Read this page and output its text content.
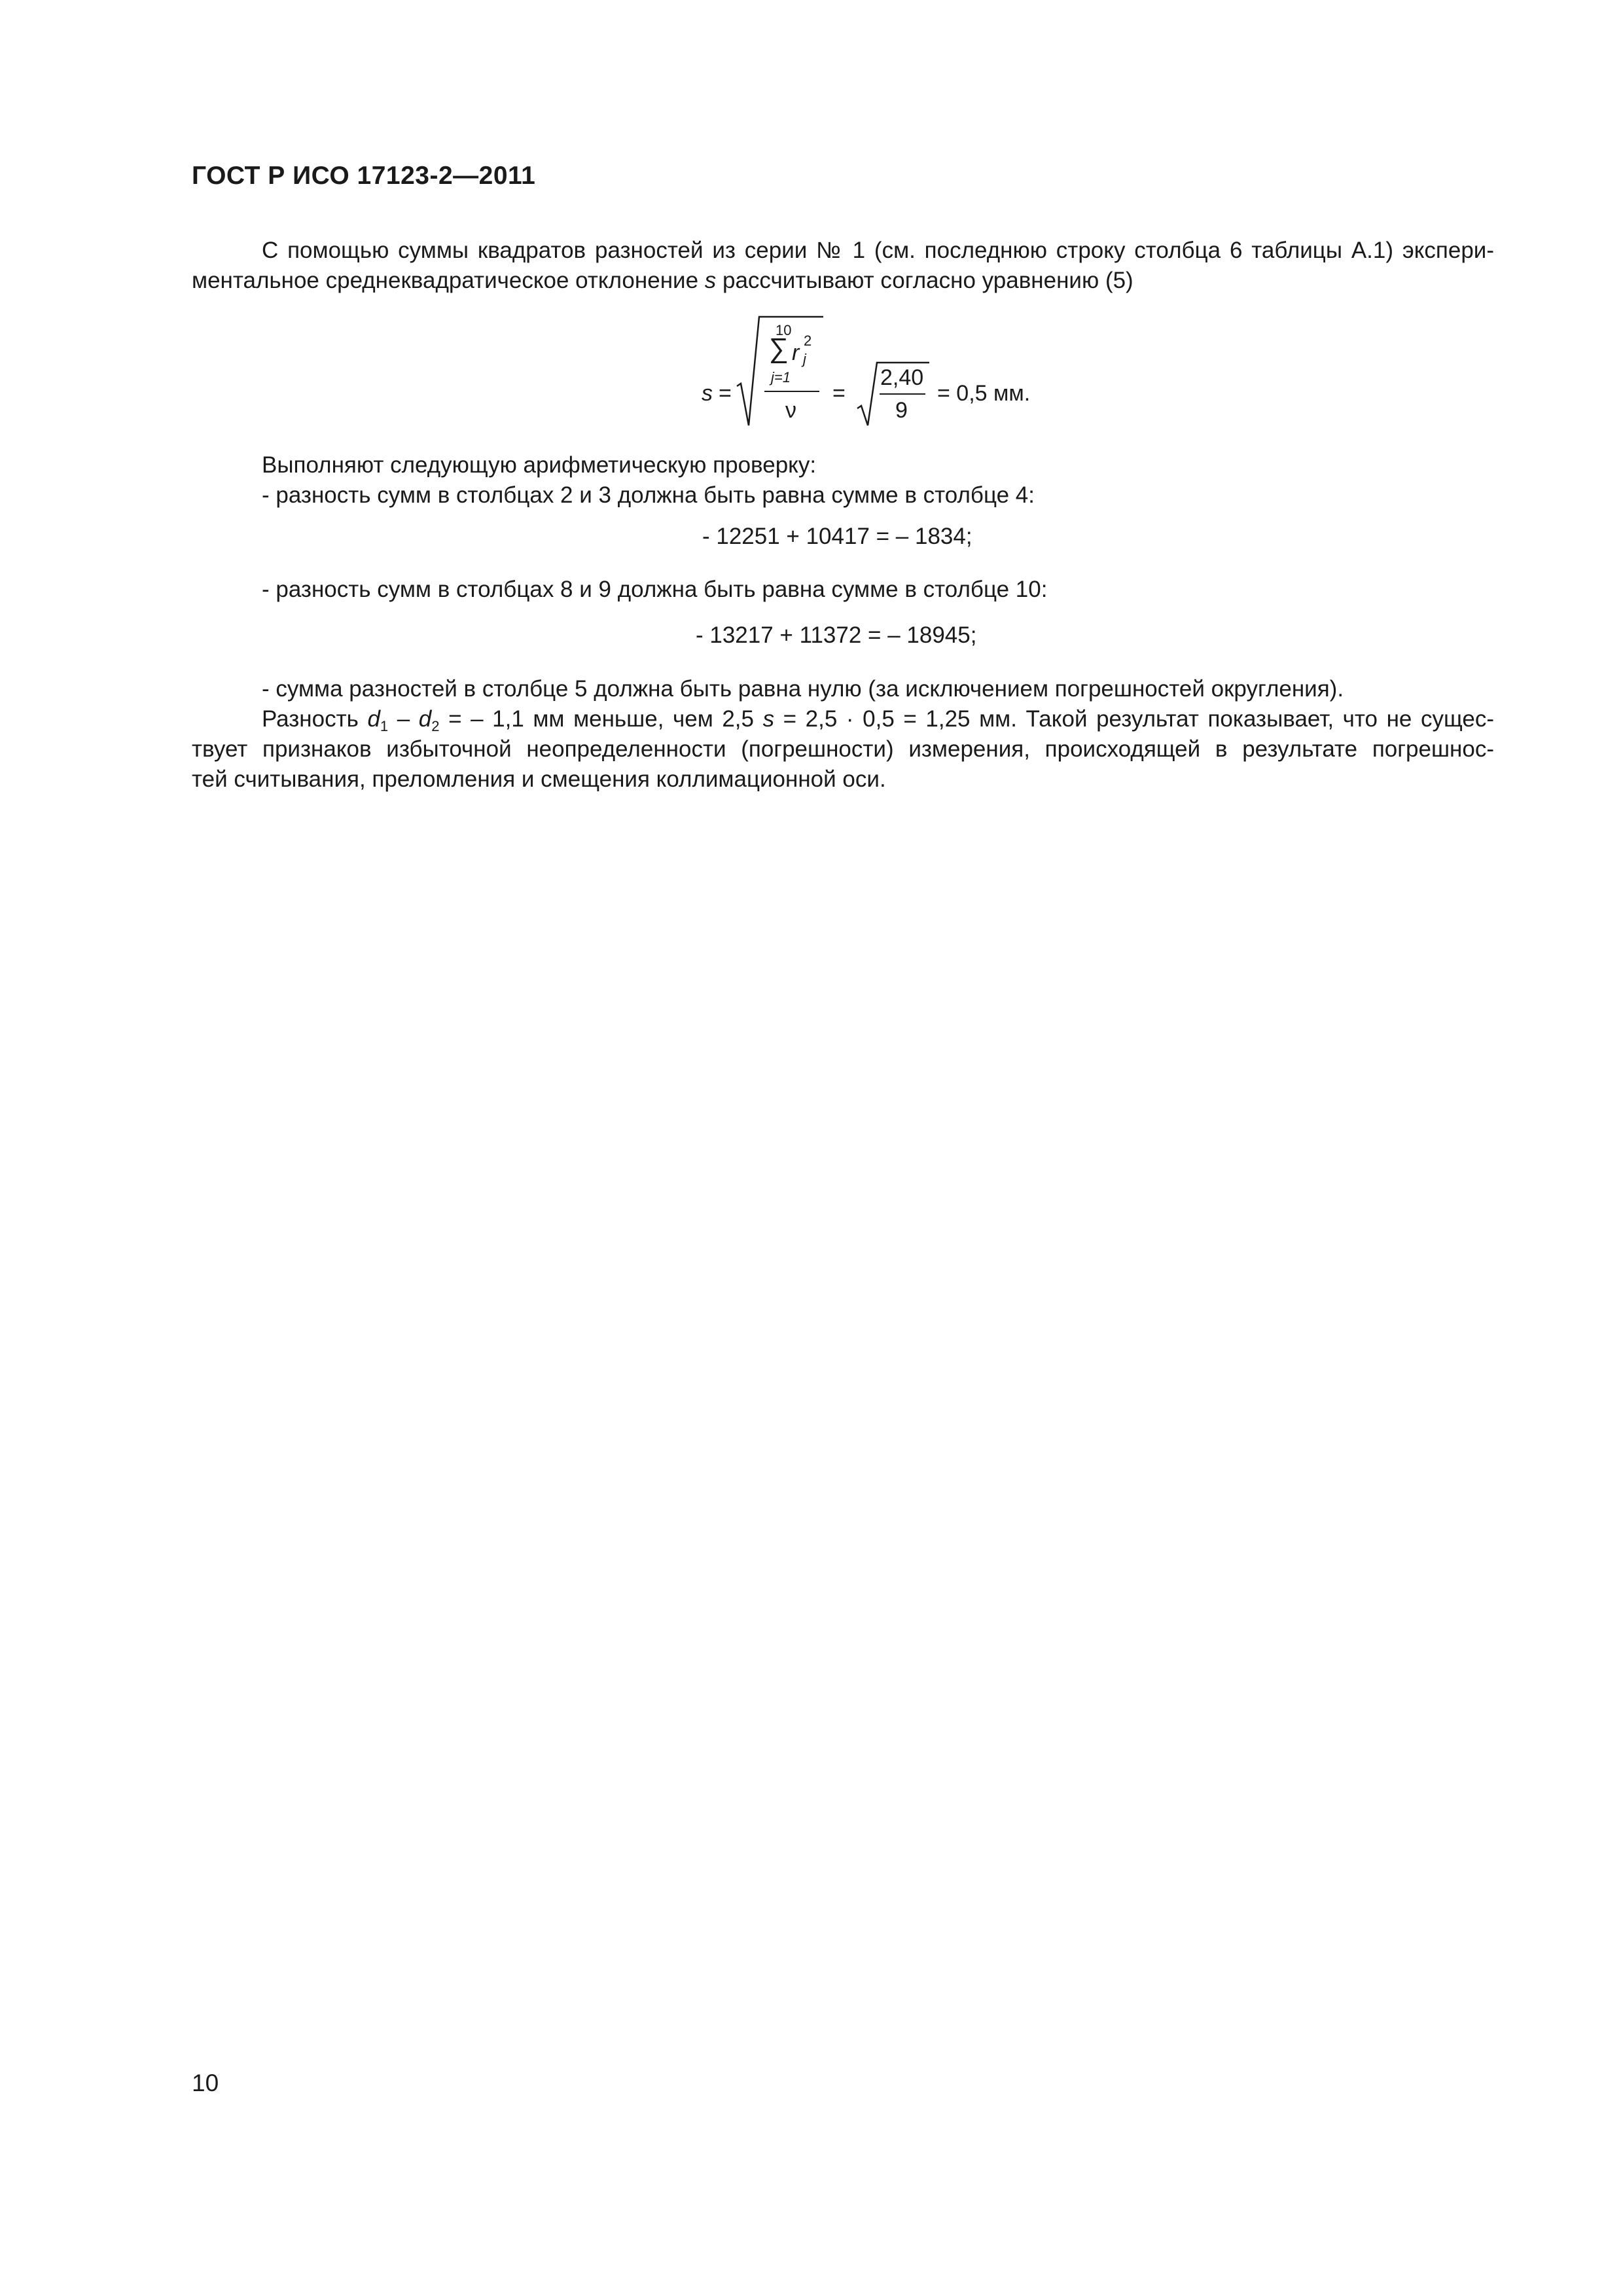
ГОСТ Р ИСО 17123-2—2011

С помощью суммы квадратов разностей из серии № 1 (см. последнюю строку столбца 6 таблицы А.1) экспери-

ментальное среднеквадратическое отклонение s рассчитывают согласно уравнению (5)

s =
10
∑ r 2
j
j=1
ν
=
2,40
9
= 0,5 мм.

Выполняют следующую арифметическую проверку:

- разность сумм в столбцах 2 и 3 должна быть равна сумме в столбце 4:

- 12251 + 10417 = – 1834;

- разность сумм в столбцах 8 и 9 должна быть равна сумме в столбце 10:

- 13217 + 11372 = – 18945;

- сумма разностей в столбце 5 должна быть равна нулю (за исключением погрешностей округления).

Разность $d_1 - d_2$ = – 1,1 мм меньше, чем 2,5 s = 2,5 · 0,5 = 1,25 мм. Такой результат показывает, что не сущес-

твует признаков избыточной неопределенности (погрешности) измерения, происходящей в результате погрешнос-

тей считывания, преломления и смещения коллимационной оси.

10
